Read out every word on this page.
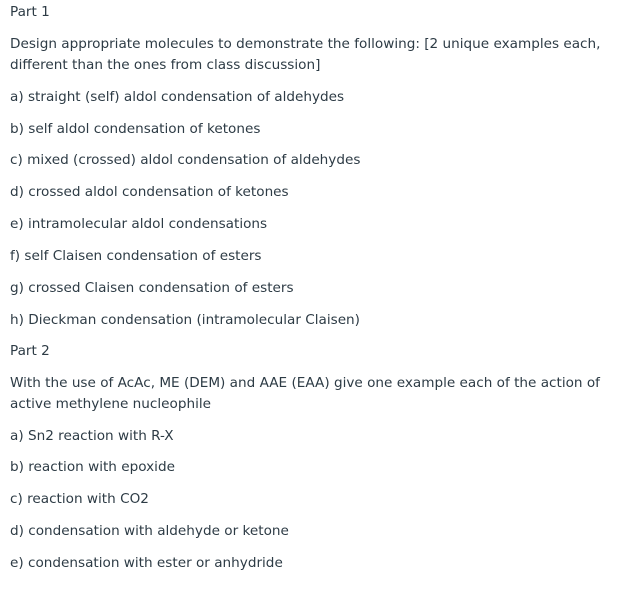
Part 1
Design appropriate molecules to demonstrate the following: [2 unique examples each, different than the ones from class discussion]
a) straight (self) aldol condensation of aldehydes
b) self aldol condensation of ketones
c) mixed (crossed) aldol condensation of aldehydes
d) crossed aldol condensation of ketones
e) intramolecular aldol condensations
f) self Claisen condensation of esters
g) crossed Claisen condensation of esters
h) Dieckman condensation (intramolecular Claisen)
Part 2
With the use of AcAc, ME (DEM) and AAE (EAA) give one example each of the action of active methylene nucleophile
a) Sn2 reaction with R-X
b) reaction with epoxide
c) reaction with CO2
d) condensation with aldehyde or ketone
e) condensation with ester or anhydride
